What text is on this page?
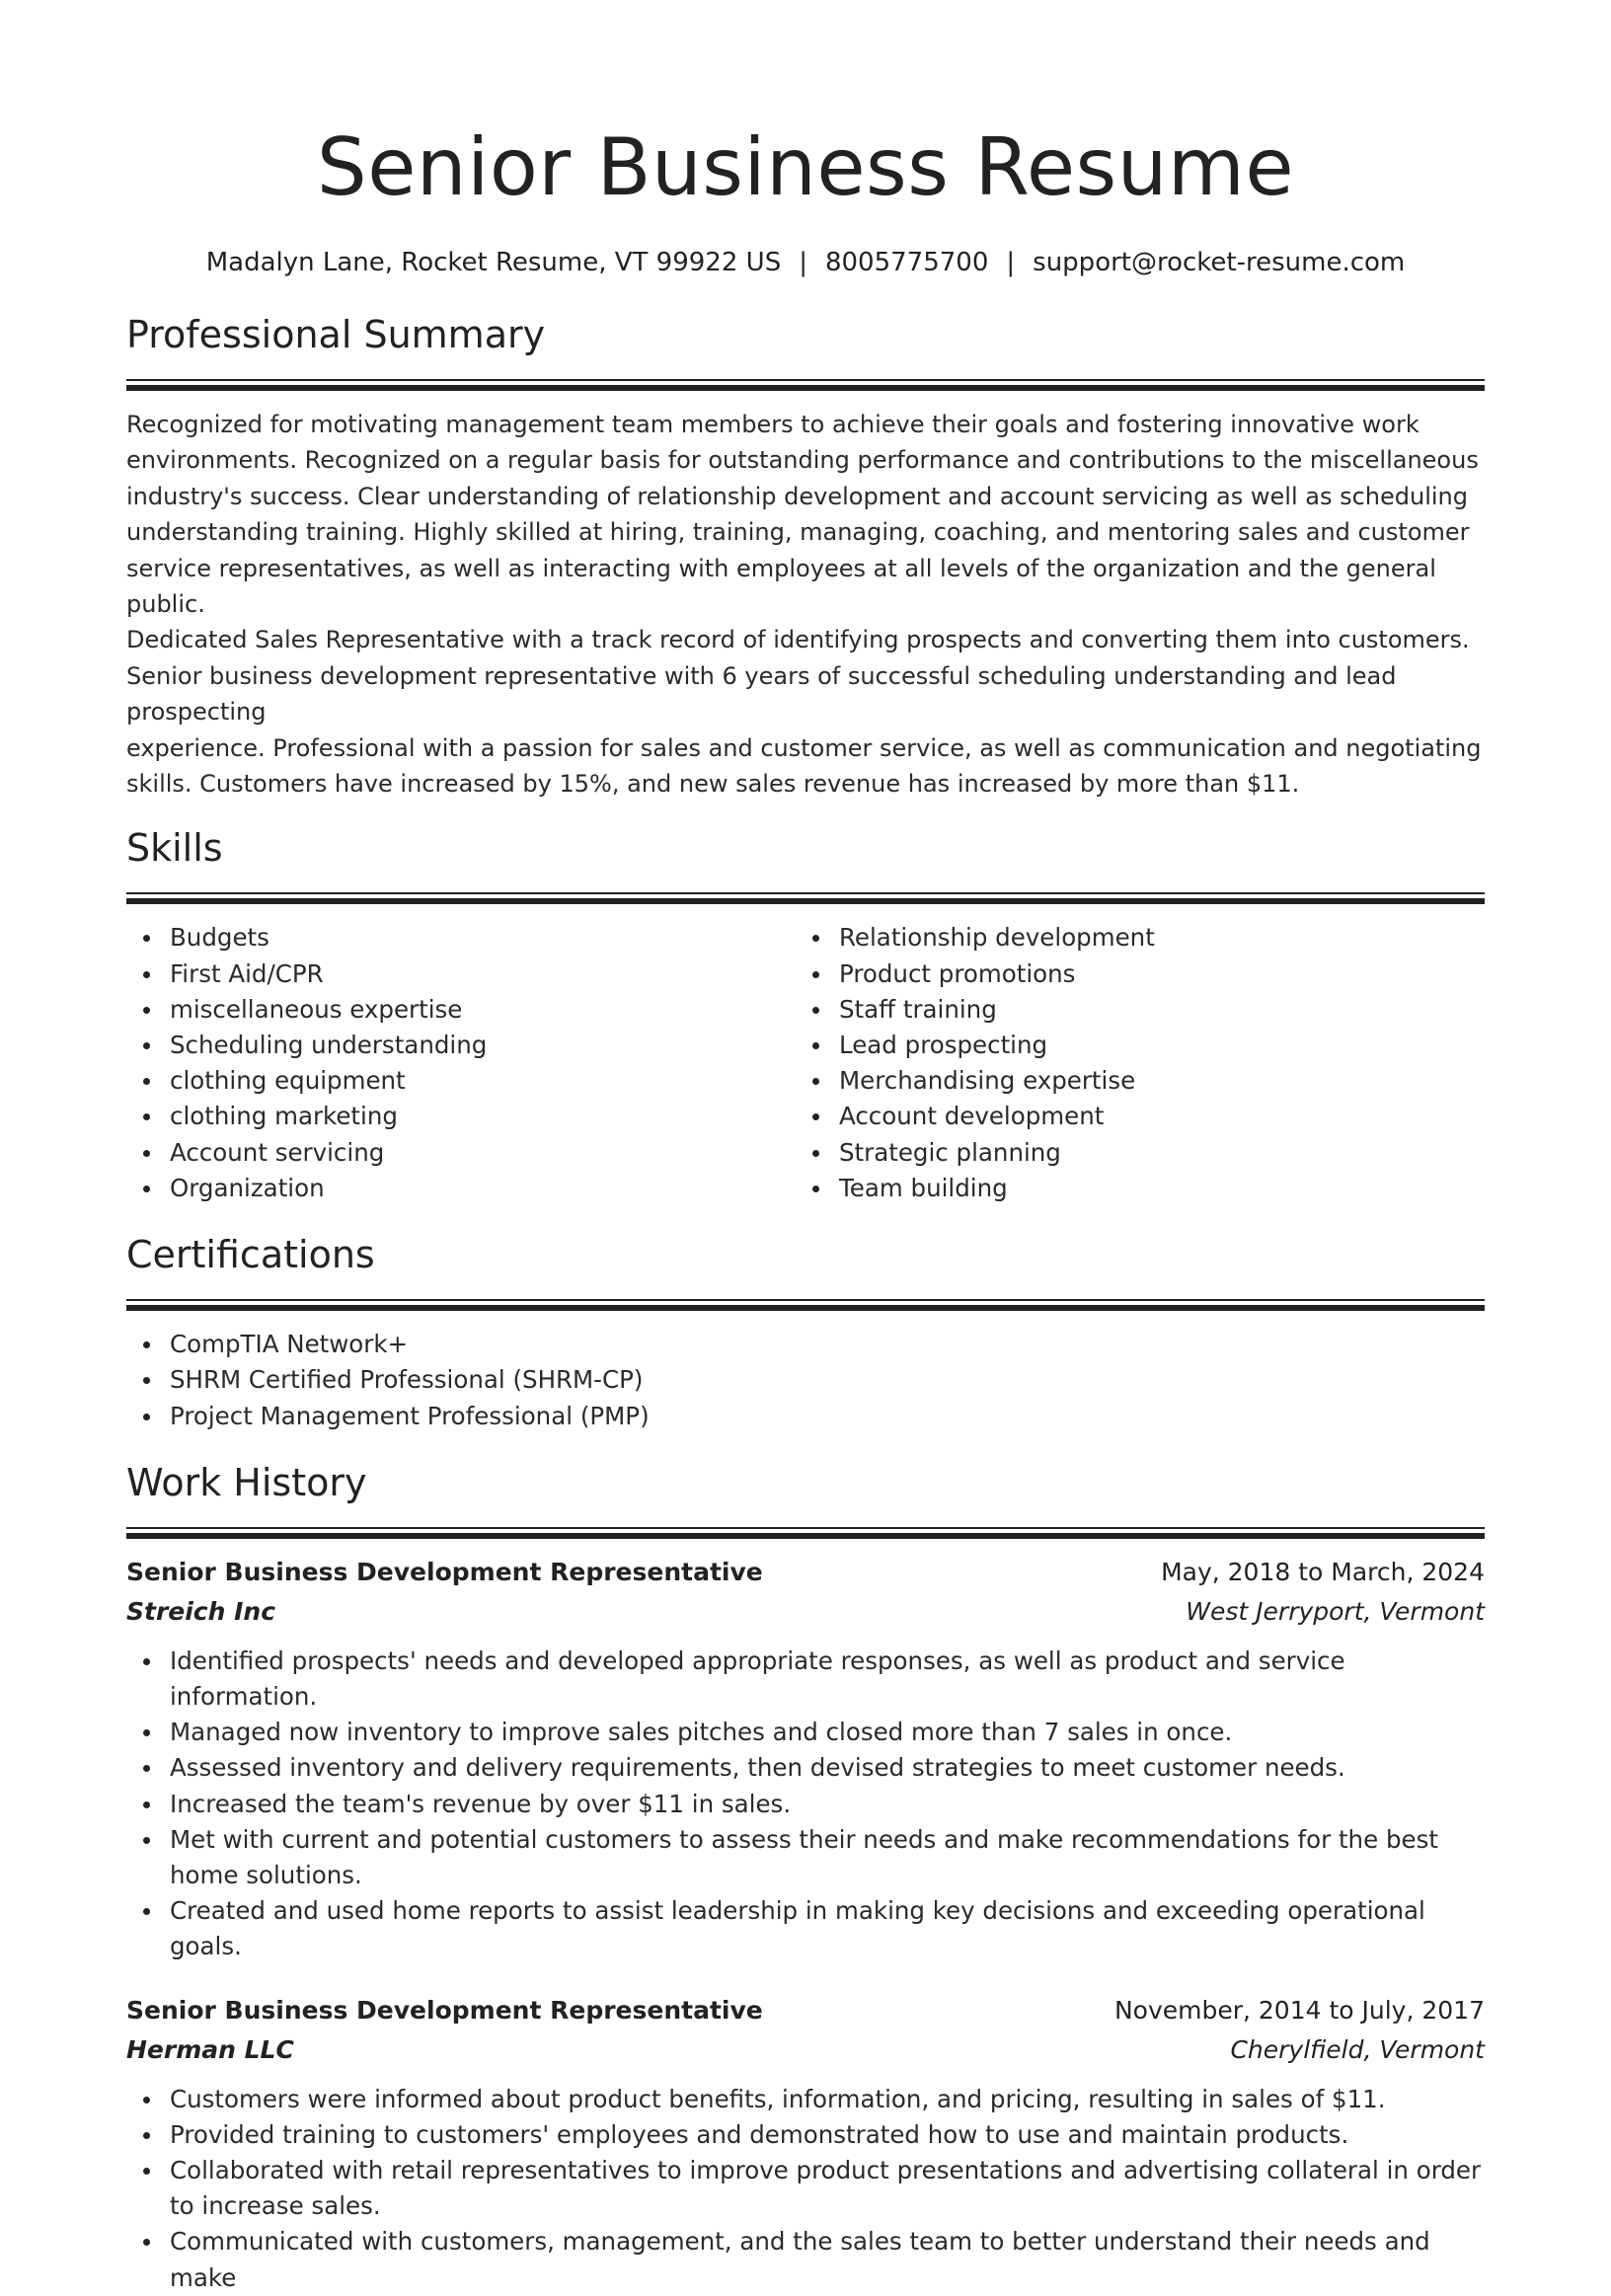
Senior Business Resume
Madalyn Lane, Rocket Resume, VT 99922 US | 8005775700 | support@rocket-resume.com
Professional Summary
Recognized for motivating management team members to achieve their goals and fostering innovative work
environments. Recognized on a regular basis for outstanding performance and contributions to the miscellaneous
industry's success. Clear understanding of relationship development and account servicing as well as scheduling
understanding training. Highly skilled at hiring, training, managing, coaching, and mentoring sales and customer
service representatives, as well as interacting with employees at all levels of the organization and the general public.
Dedicated Sales Representative with a track record of identifying prospects and converting them into customers.
Senior business development representative with 6 years of successful scheduling understanding and lead prospecting
experience. Professional with a passion for sales and customer service, as well as communication and negotiating
skills. Customers have increased by 15%, and new sales revenue has increased by more than $11.
Skills
Budgets
First Aid/CPR
miscellaneous expertise
Scheduling understanding
clothing equipment
clothing marketing
Account servicing
Organization
Relationship development
Product promotions
Staff training
Lead prospecting
Merchandising expertise
Account development
Strategic planning
Team building
Certifications
CompTIA Network+
SHRM Certified Professional (SHRM-CP)
Project Management Professional (PMP)
Work History
Senior Business Development Representative	May, 2018 to March, 2024
Streich Inc	West Jerryport, Vermont
Identified prospects' needs and developed appropriate responses, as well as product and service information.
Managed now inventory to improve sales pitches and closed more than 7 sales in once.
Assessed inventory and delivery requirements, then devised strategies to meet customer needs.
Increased the team's revenue by over $11 in sales.
Met with current and potential customers to assess their needs and make recommendations for the best home solutions.
Created and used home reports to assist leadership in making key decisions and exceeding operational goals.
Senior Business Development Representative	November, 2014 to July, 2017
Herman LLC	Cherylfield, Vermont
Customers were informed about product benefits, information, and pricing, resulting in sales of $11.
Provided training to customers' employees and demonstrated how to use and maintain products.
Collaborated with retail representatives to improve product presentations and advertising collateral in order to increase sales.
Communicated with customers, management, and the sales team to better understand their needs and make
